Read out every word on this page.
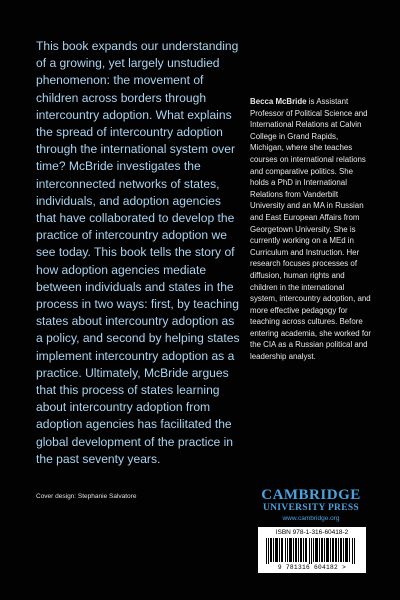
This book expands our understanding of a growing, yet largely unstudied phenomenon: the movement of children across borders through intercountry adoption. What explains the spread of intercountry adoption through the international system over time? McBride investigates the interconnected networks of states, individuals, and adoption agencies that have collaborated to develop the practice of intercountry adoption we see today. This book tells the story of how adoption agencies mediate between individuals and states in the process in two ways: first, by teaching states about intercountry adoption as a policy, and second by helping states implement intercountry adoption as a practice. Ultimately, McBride argues that this process of states learning about intercountry adoption from adoption agencies has facilitated the global development of the practice in the past seventy years.
Becca McBride is Assistant Professor of Political Science and International Relations at Calvin College in Grand Rapids, Michigan, where she teaches courses on international relations and comparative politics. She holds a PhD in International Relations from Vanderbilt University and an MA in Russian and East European Affairs from Georgetown University. She is currently working on a MEd in Curriculum and Instruction. Her research focuses processes of diffusion, human rights and children in the international system, intercountry adoption, and more effective pedagogy for teaching across cultures. Before entering academia, she worked for the CIA as a Russian political and leadership analyst.
Cover design: Stephanie Salvatore	CAMBRIDGE
UNIVERSITY PRESS
www.cambridge.org
ISBN 978-1-316-60418-2
9 781316 604182 >
